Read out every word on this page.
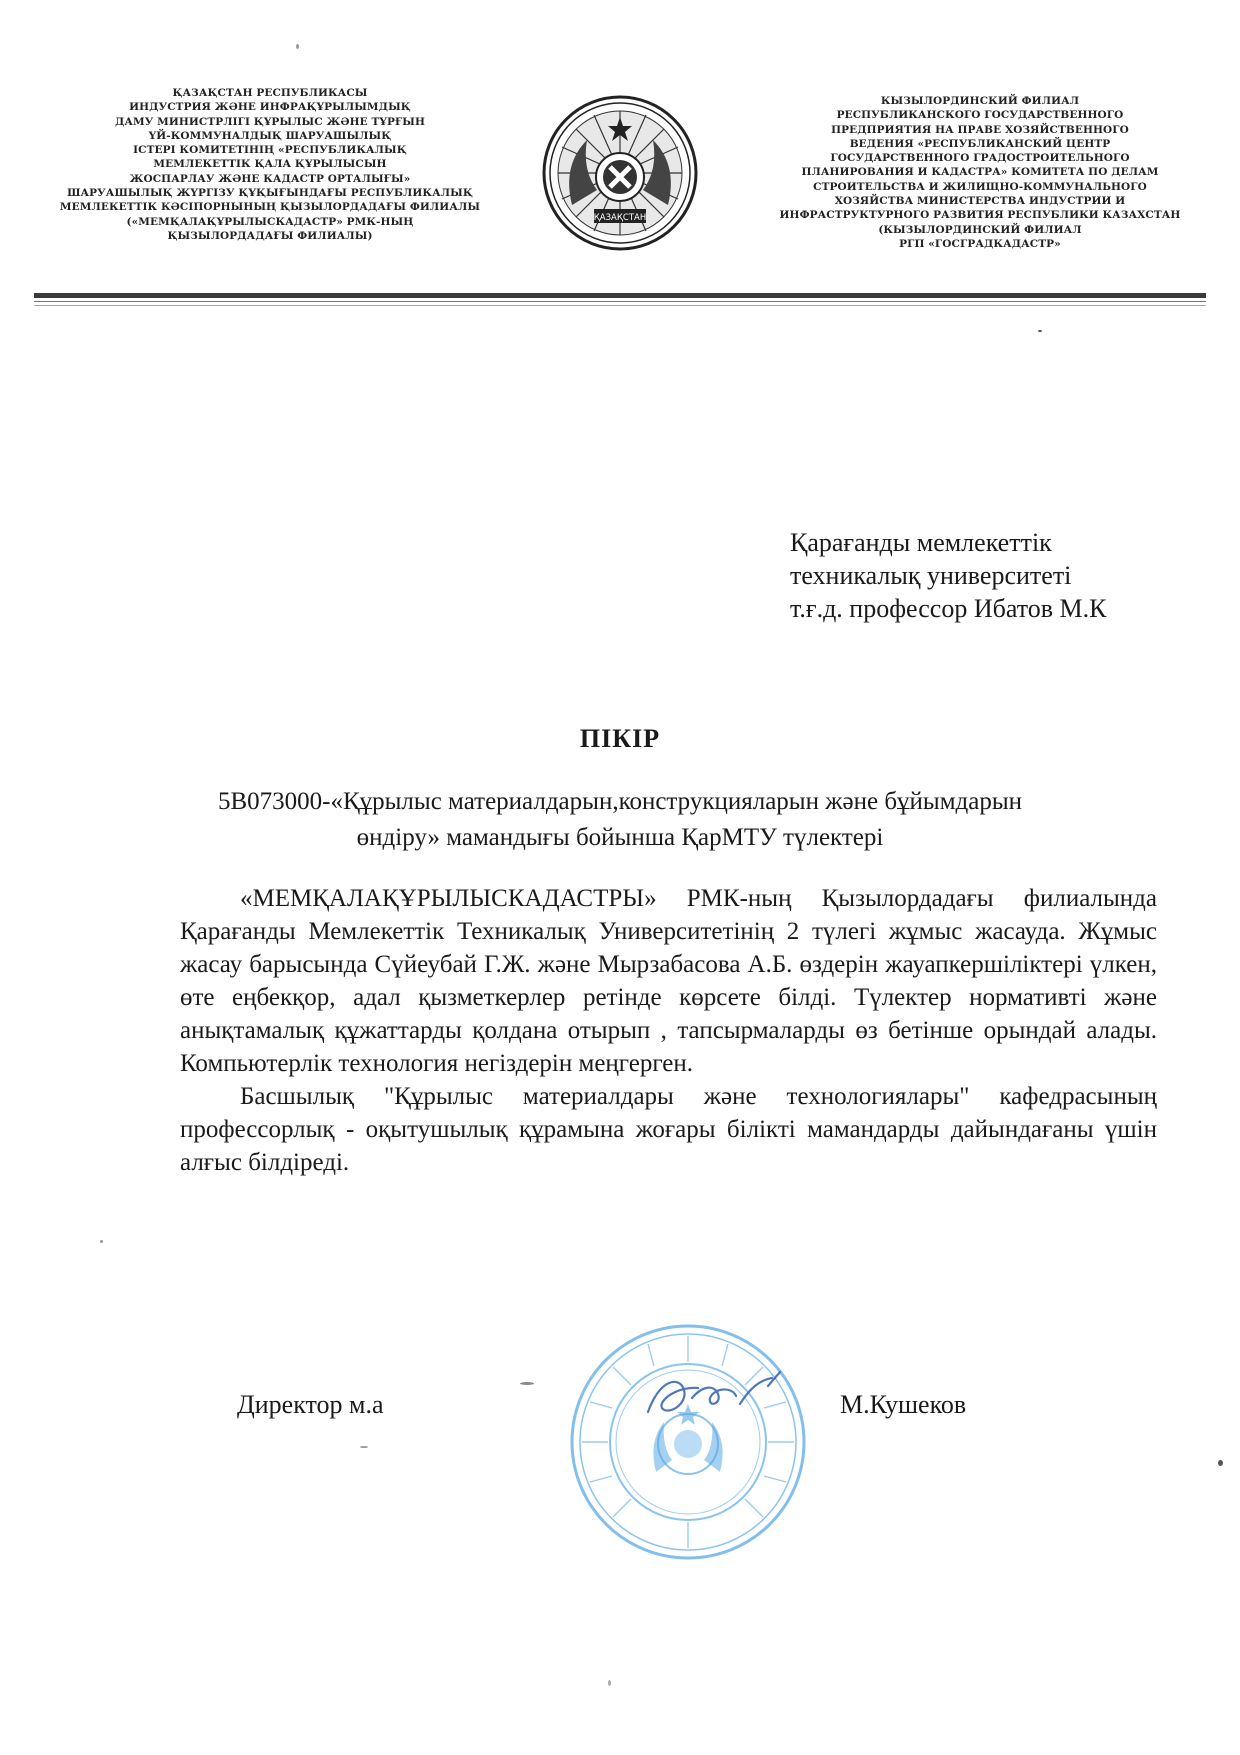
ҚАЗАҚСТАН РЕСПУБЛИКАСЫ
ИНДУСТРИЯ ЖӘНЕ ИНФРАҚҰРЫЛЫМДЫҚ
ДАМУ МИНИСТРЛІГІ ҚҰРЫЛЫС ЖӘНЕ ТҰРҒЫН
ҮЙ-КОММУНАЛДЫҚ ШАРУАШЫЛЫҚ
ІСТЕРІ КОМИТЕТІНІҢ «РЕСПУБЛИКАЛЫҚ
МЕМЛЕКЕТТІК ҚАЛА ҚҰРЫЛЫСЫН
ЖОСПАРЛАУ ЖӘНЕ КАДАСТР ОРТАЛЫҒЫ»
ШАРУАШЫЛЫҚ ЖҮРГІЗУ ҚҰҚЫҒЫНДАҒЫ РЕСПУБЛИКАЛЫҚ
МЕМЛЕКЕТТІК КӘСІПОРНЫНЫҢ ҚЫЗЫЛОРДАДАҒЫ ФИЛИАЛЫ
(«МЕМҚАЛАҚҰРЫЛЫСКАДАСТР» РМК-НЫҢ
ҚЫЗЫЛОРДАДАҒЫ ФИЛИАЛЫ)
ҚАЗАҚСТАН
КЫЗЫЛОРДИНСКИЙ ФИЛИАЛ
РЕСПУБЛИКАНСКОГО ГОСУДАРСТВЕННОГО
ПРЕДПРИЯТИЯ НА ПРАВЕ ХОЗЯЙСТВЕННОГО
ВЕДЕНИЯ «РЕСПУБЛИКАНСКИЙ ЦЕНТР
ГОСУДАРСТВЕННОГО ГРАДОСТРОИТЕЛЬНОГО
ПЛАНИРОВАНИЯ И КАДАСТРА» КОМИТЕТА ПО ДЕЛАМ
СТРОИТЕЛЬСТВА И ЖИЛИЩНО-КОММУНАЛЬНОГО
ХОЗЯЙСТВА МИНИСТЕРСТВА ИНДУСТРИИ И
ИНФРАСТРУКТУРНОГО РАЗВИТИЯ РЕСПУБЛИКИ КАЗАХСТАН
(КЫЗЫЛОРДИНСКИЙ ФИЛИАЛ
РГП «ГОСГРАДКАДАСТР»
Қарағанды мемлекеттік
техникалық университеті
т.ғ.д. профессор Ибатов М.К
ПІКІР
5В073000-«Құрылыс материалдарын,конструкцияларын және бұйымдарын
өндіру» мамандығы бойынша ҚарМТУ түлектері

«МЕМҚАЛАҚҰРЫЛЫСКАДАСТРЫ» РМК-ның Қызылордадағы филиалында Қарағанды Мемлекеттік Техникалық Университетінің 2 түлегі жұмыс жасауда. Жұмыс жасау барысында Сүйеубай Г.Ж. және Мырзабасова А.Б. өздерін жауапкершіліктері үлкен, өте еңбекқор, адал қызметкерлер ретінде көрсете білді. Түлектер нормативті және анықтамалық құжаттарды қолдана отырып , тапсырмаларды өз бетінше орындай алады. Компьютерлік технология негіздерін меңгерген.

Басшылық "Құрылыс материалдары және технологиялары" кафедрасының профессорлық - оқытушылық құрамына жоғары білікті мамандарды дайындағаны үшін алғыс білдіреді.

Директор м.а	М.Кушеков
